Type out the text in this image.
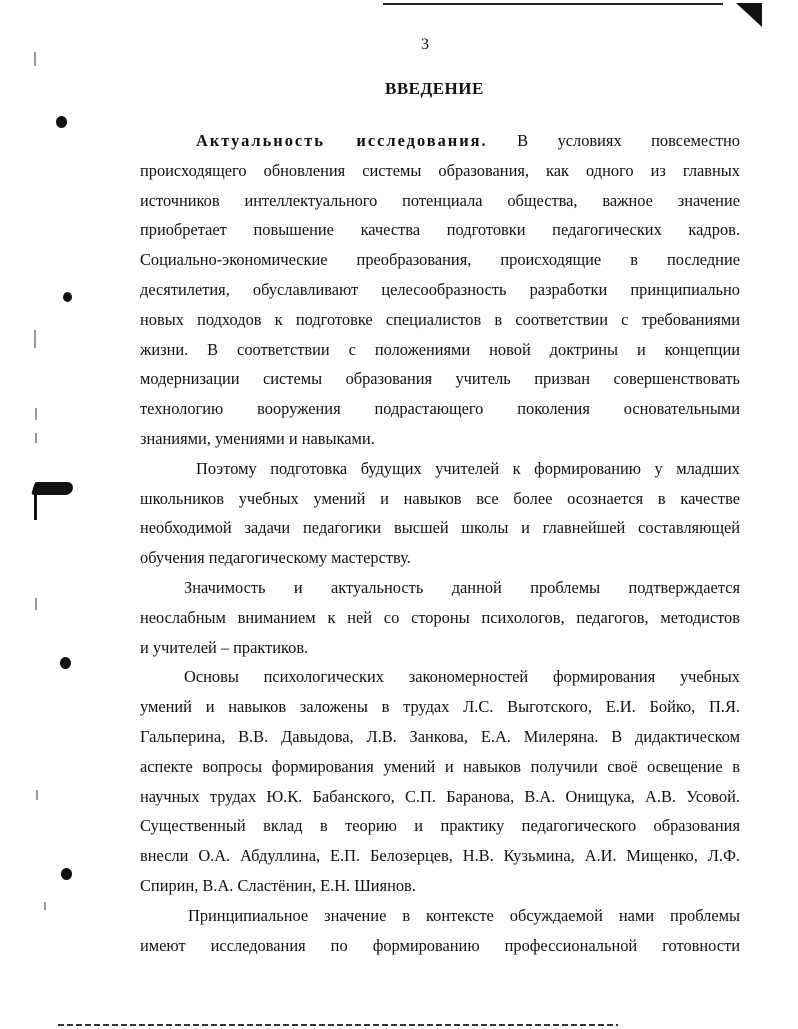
3
ВВЕДЕНИЕ
Актуальность исследования. В условиях повсеместно
происходящего обновления системы образования, как одного из главных
источников интеллектуального потенциала общества, важное значение
приобретает повышение качества подготовки педагогических кадров.
Социально-экономические преобразования, происходящие в последние
десятилетия, обуславливают целесообразность разработки принципиально
новых подходов к подготовке специалистов в соответствии с требованиями
жизни. В соответствии с положениями новой доктрины и концепции
модернизации системы образования учитель призван совершенствовать
технологию вооружения подрастающего поколения основательными
знаниями, умениями и навыками.
Поэтому подготовка будущих учителей к формированию у младших
школьников учебных умений и навыков все более осознается в качестве
необходимой задачи педагогики высшей школы и главнейшей составляющей
обучения педагогическому мастерству.
Значимость и актуальность данной проблемы подтверждается
неослабным вниманием к ней со стороны психологов, педагогов, методистов
и учителей – практиков.
Основы психологических закономерностей формирования учебных
умений и навыков заложены в трудах Л.С. Выготского, Е.И. Бойко, П.Я.
Гальперина, В.В. Давыдова, Л.В. Занкова, Е.А. Милеряна. В дидактическом
аспекте вопросы формирования умений и навыков получили своё освещение в
научных трудах Ю.К. Бабанского, С.П. Баранова, В.А. Онищука, А.В. Усовой.
Существенный вклад в теорию и практику педагогического образования
внесли О.А. Абдуллина, Е.П. Белозерцев, Н.В. Кузьмина, А.И. Мищенко, Л.Ф.
Спирин, В.А. Сластёнин, Е.Н. Шиянов.
Принципиальное значение в контексте обсуждаемой нами проблемы
имеют исследования по формированию профессиональной готовности
